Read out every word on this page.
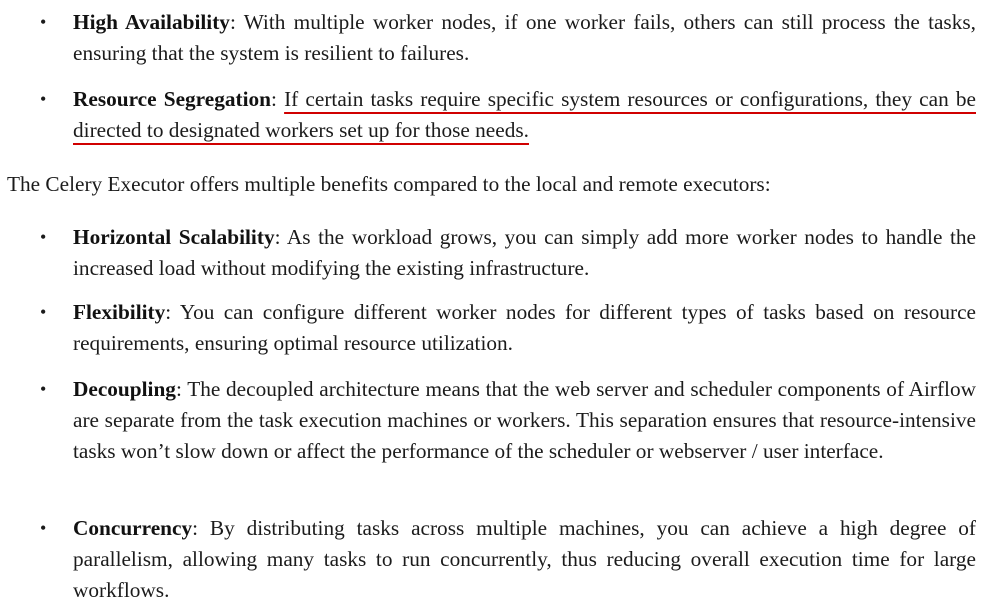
• High Availability: With multiple worker nodes, if one worker fails, others can still process the tasks, ensuring that the system is resilient to failures.
• Resource Segregation: If certain tasks require specific system resources or configurations, they can be directed to designated workers set up for those needs.

The Celery Executor offers multiple benefits compared to the local and remote executors:

• Horizontal Scalability: As the workload grows, you can simply add more worker nodes to handle the increased load without modifying the existing infrastructure.
• Flexibility: You can configure different worker nodes for different types of tasks based on resource requirements, ensuring optimal resource utilization.
• Decoupling: The decoupled architecture means that the web server and scheduler components of Airflow are separate from the task execution machines or workers. This separation ensures that resource-intensive tasks won’t slow down or affect the performance of the scheduler or webserver / user interface.
• Concurrency: By distributing tasks across multiple machines, you can achieve a high degree of parallelism, allowing many tasks to run concurrently, thus reducing overall execution time for large workflows.
